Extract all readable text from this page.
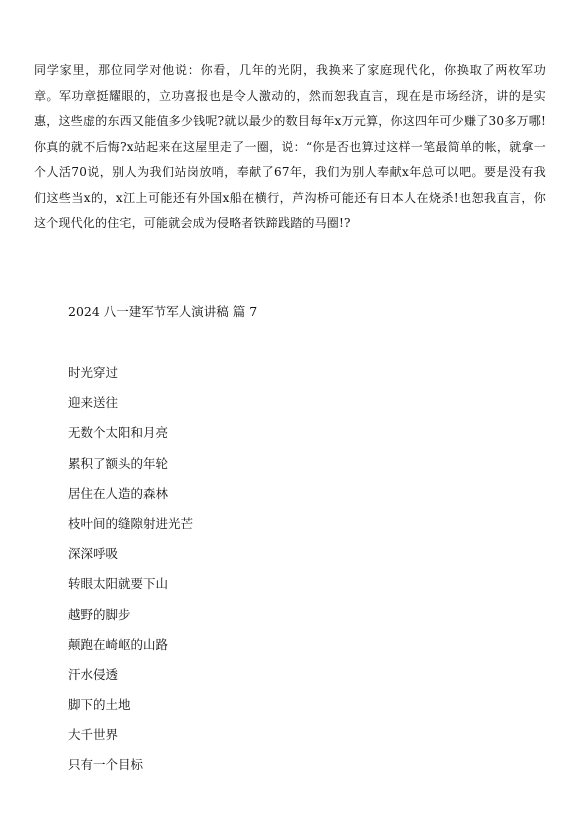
同学家里，那位同学对他说：你看，几年的光阴，我换来了家庭现代化，你换取了两枚军功章。军功章挺耀眼的，立功喜报也是令人激动的，然而恕我直言，现在是市场经济，讲的是实惠，这些虚的东西又能值多少钱呢?就以最少的数目每年x万元算，你这四年可少赚了30多万哪!你真的就不后悔?x站起来在这屋里走了一圈，说：“你是否也算过这样一笔最简单的帐，就拿一个人活70说，别人为我们站岗放哨，奉献了67年，我们为别人奉献x年总可以吧。要是没有我们这些当x的，x江上可能还有外国x船在横行，芦沟桥可能还有日本人在烧杀!也恕我直言，你这个现代化的住宅，可能就会成为侵略者铁蹄践踏的马圈!?

2024 八一建军节军人演讲稿 篇 7
时光穿过
迎来送往
无数个太阳和月亮
累积了额头的年轮
居住在人造的森林
枝叶间的缝隙射进光芒
深深呼吸
转眼太阳就要下山
越野的脚步
颠跑在崎岖的山路
汗水侵透
脚下的土地
大千世界
只有一个目标
